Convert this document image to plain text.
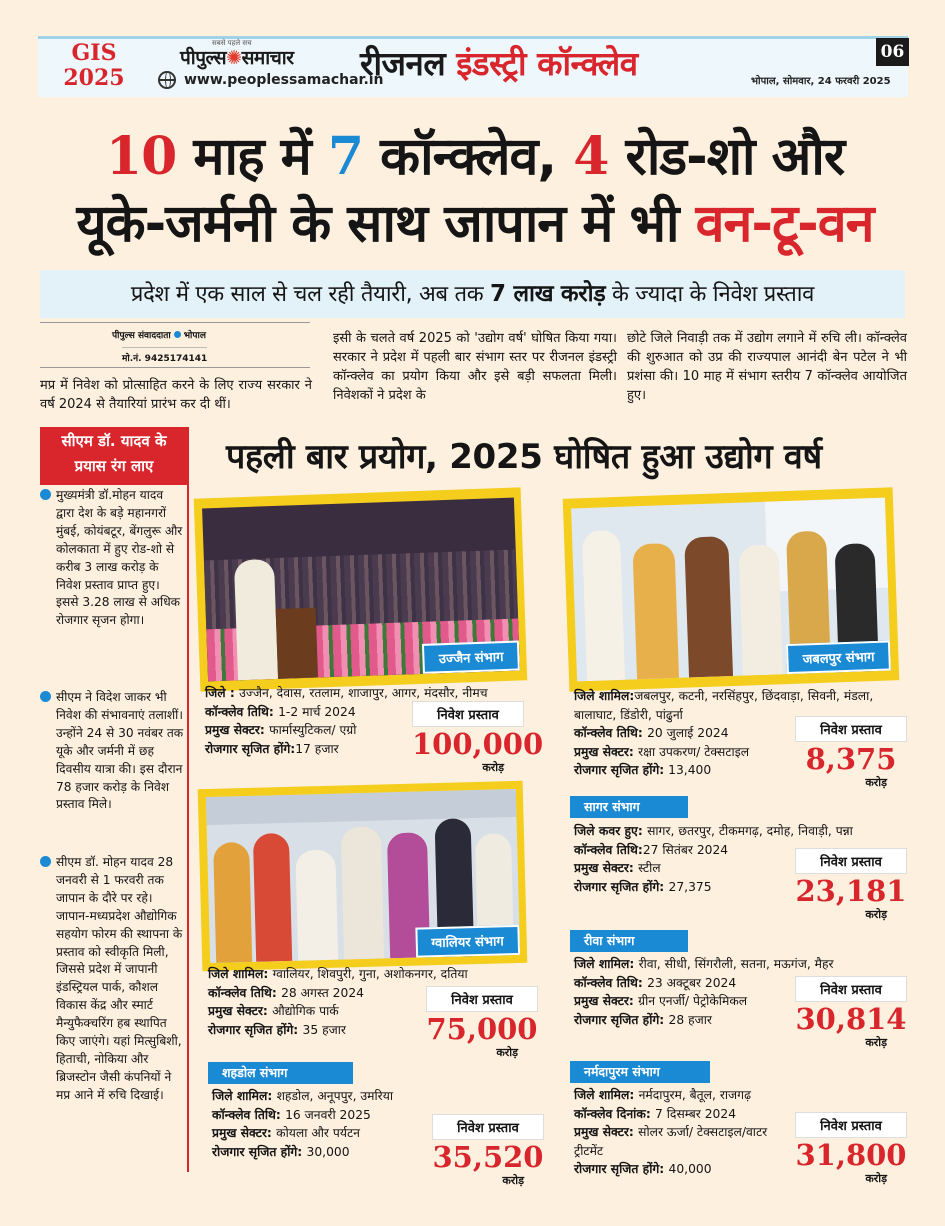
GIS
2025
सबसे पहले सच
पीपुल्स✺समाचार
www.peoplessamachar.in
रीजनल इंडस्ट्री कॉन्क्लेव	06
भोपाल, सोमवार, 24 फरवरी 2025
10 माह में 7 कॉन्क्लेव, 4 रोड-शो और
यूके-जर्मनी के साथ जापान में भी वन-टू-वन
प्रदेश में एक साल से चल रही तैयारी, अब तक 7 लाख करोड़ के ज्यादा के निवेश प्रस्ताव
पीपुल्स संवाददाता भोपाल
मो.नं. 9425174141
मप्र में निवेश को प्रोत्साहित करने के लिए राज्य सरकार ने वर्ष 2024 से तैयारियां प्रारंभ कर दी थीं।
इसी के चलते वर्ष 2025 को 'उद्योग वर्ष' घोषित किया गया। सरकार ने प्रदेश में पहली बार संभाग स्तर पर रीजनल इंडस्ट्री कॉन्क्लेव का प्रयोग किया और इसे बड़ी सफलता मिली। निवेशकों ने प्रदेश के
छोटे जिले निवाड़ी तक में उद्योग लगाने में रुचि ली। कॉन्क्लेव की शुरुआत को उप्र की राज्यपाल आनंदी बेन पटेल ने भी प्रशंसा की। 10 माह में संभाग स्तरीय 7 कॉन्क्लेव आयोजित हुए।
सीएम डॉ. यादव के
प्रयास रंग लाए
मुख्यमंत्री डॉ.मोहन यादव द्वारा देश के बड़े महानगरों मुंबई, कोयंबटूर, बेंगलुरू और कोलकाता में हुए रोड-शो से करीब 3 लाख करोड़ के निवेश प्रस्ताव प्राप्त हुए। इससे 3.28 लाख से अधिक रोजगार सृजन होगा।
सीएम ने विदेश जाकर भी निवेश की संभावनाएं तलाशीं। उन्होंने 24 से 30 नवंबर तक यूके और जर्मनी में छह दिवसीय यात्रा की। इस दौरान 78 हजार करोड़ के निवेश प्रस्ताव मिले।
सीएम डॉ. मोहन यादव 28 जनवरी से 1 फरवरी तक जापान के दौरे पर रहे। जापान-मध्यप्रदेश औद्योगिक सहयोग फोरम की स्थापना के प्रस्ताव को स्वीकृति मिली, जिससे प्रदेश में जापानी इंडस्ट्रियल पार्क, कौशल विकास केंद्र और स्मार्ट मैन्युफैक्चरिंग हब स्थापित किए जाएंगे। यहां मित्सुबिशी, हिताची, नोकिया और ब्रिजस्टोन जैसी कंपनियों ने मप्र आने में रुचि दिखाई।
पहली बार प्रयोग, 2025 घोषित हुआ उद्योग वर्ष
उज्जैन संभाग	जबलपुर संभाग
जिले : उज्जैन, देवास, रतलाम, शाजापुर, आगर, मंदसौर, नीमच
कॉन्क्लेव तिथि: 1-2 मार्च 2024
प्रमुख सेक्टर: फार्मास्युटिकल/ एग्रो
रोजगार सृजित होंगे:17 हजार
निवेश प्रस्ताव
100,000
करोड़
जिले शामिल:जबलपुर, कटनी, नरसिंहपुर, छिंदवाड़ा, सिवनी, मंडला, बालाघाट, डिंडोरी, पांढुर्ना
कॉन्क्लेव तिथि: 20 जुलाई 2024
प्रमुख सेक्टर: रक्षा उपकरण/ टेक्सटाइल
रोजगार सृजित होंगे: 13,400
निवेश प्रस्ताव
8,375
करोड़
ग्वालियर संभाग
जिले शामिल: ग्वालियर, शिवपुरी, गुना, अशोकनगर, दतिया
कॉन्क्लेव तिथि: 28 अगस्त 2024
प्रमुख सेक्टर: औद्योगिक पार्क
रोजगार सृजित होंगे: 35 हजार
निवेश प्रस्ताव
75,000
करोड़
शहडोल संभाग
जिले शामिल: शहडोल, अनूपपुर, उमरिया
कॉन्क्लेव तिथि: 16 जनवरी 2025
प्रमुख सेक्टर: कोयला और पर्यटन
रोजगार सृजित होंगे: 30,000
निवेश प्रस्ताव
35,520
करोड़
सागर संभाग
जिले कवर हुए: सागर, छतरपुर, टीकमगढ़, दमोह, निवाड़ी, पन्ना
कॉन्क्लेव तिथि:27 सितंबर 2024
प्रमुख सेक्टर: स्टील
रोजगार सृजित होंगे: 27,375
निवेश प्रस्ताव
23,181
करोड़
रीवा संभाग
जिले शामिल: रीवा, सीधी, सिंगरौली, सतना, मऊगंज, मैहर
कॉन्क्लेव तिथि: 23 अक्टूबर 2024
प्रमुख सेक्टर: ग्रीन एनर्जी/ पेट्रोकेमिकल
रोजगार सृजित होंगे: 28 हजार
निवेश प्रस्ताव
30,814
करोड़
नर्मदापुरम संभाग
जिले शामिल: नर्मदापुरम, बैतूल, राजगढ़
कॉन्क्लेव दिनांक: 7 दिसम्बर 2024
प्रमुख सेक्टर: सोलर ऊर्जा/ टेक्सटाइल/वाटर ट्रीटमेंट
रोजगार सृजित होंगे: 40,000
निवेश प्रस्ताव
31,800
करोड़
